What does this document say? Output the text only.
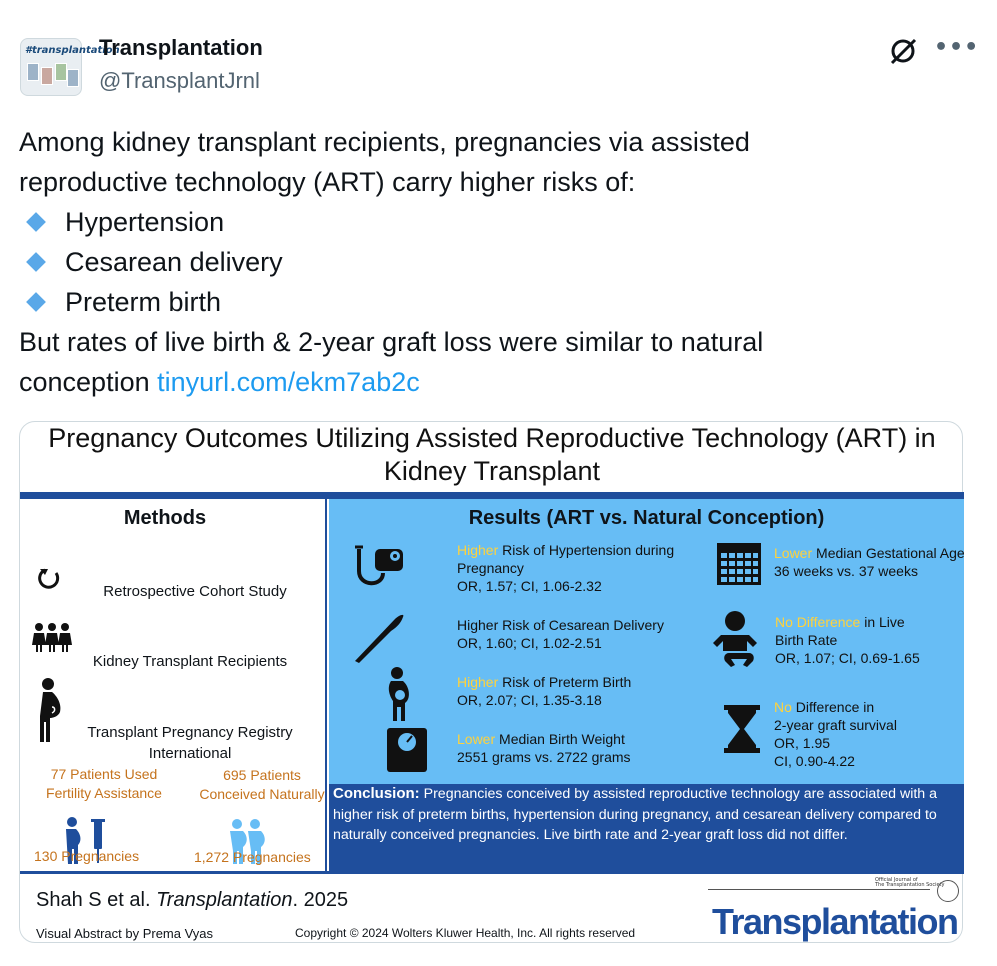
#transplantation
Transplantation
@TransplantJrnl
•••
Among kidney transplant recipients, pregnancies via assisted
reproductive technology (ART) carry higher risks of:
Hypertension
Cesarean delivery
Preterm birth
But rates of live birth & 2-year graft loss were similar to natural
conception tinyurl.com/ekm7ab2c
Pregnancy Outcomes Utilizing Assisted Reproductive Technology (ART) in
Kidney Transplant
Methods
Retrospective Cohort Study
Kidney Transplant Recipients
Transplant Pregnancy Registry
International
77 Patients Used
Fertility Assistance
695 Patients
Conceived Naturally
130 Pregnancies	1,272 Pregnancies
Results (ART vs. Natural Conception)
Higher Risk of Hypertension during
Pregnancy
OR, 1.57; CI, 1.06-2.32
Higher Risk of Cesarean Delivery
OR, 1.60; CI, 1.02-2.51
Higher Risk of Preterm Birth
OR, 2.07; CI, 1.35-3.18
Lower Median Birth Weight
2551 grams vs. 2722 grams
Lower Median Gestational Age
36 weeks vs. 37 weeks
No Difference in Live
Birth Rate
OR, 1.07; CI, 0.69-1.65
No Difference in
2-year graft survival
OR, 1.95
CI, 0.90-4.22
Conclusion: Pregnancies conceived by assisted reproductive technology are associated with a higher risk of preterm births, hypertension during pregnancy, and cesarean delivery compared to naturally conceived pregnancies. Live birth rate and 2-year graft loss did not differ.
Shah S et al. Transplantation. 2025
Visual Abstract by Prema Vyas	Copyright © 2024 Wolters Kluwer Health, Inc. All rights reserved
Official Journal of
The Transplantation Society
Transplantation
